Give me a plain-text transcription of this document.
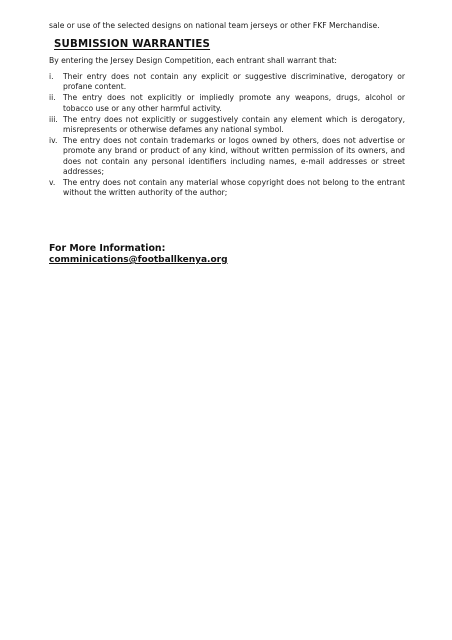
sale or use of the selected designs on national team jerseys or other FKF Merchandise.
SUBMISSION WARRANTIES
By entering the Jersey Design Competition, each entrant shall warrant that:
i.	Their entry does not contain any explicit or suggestive discriminative, derogatory or profane content.
ii. The entry does not explicitly or impliedly promote any weapons, drugs, alcohol or tobacco use or any other harmful activity.
iii. The entry does not explicitly or suggestively contain any element which is derogatory, misrepresents or otherwise defames any national symbol.
iv. The entry does not contain trademarks or logos owned by others, does not advertise or promote any brand or product of any kind, without written permission of its owners, and does not contain any personal identifiers including names, e-mail addresses or street addresses;
v.	The entry does not contain any material whose copyright does not belong to the entrant without the written authority of the author;
For More Information:
comminications@footballkenya.org
